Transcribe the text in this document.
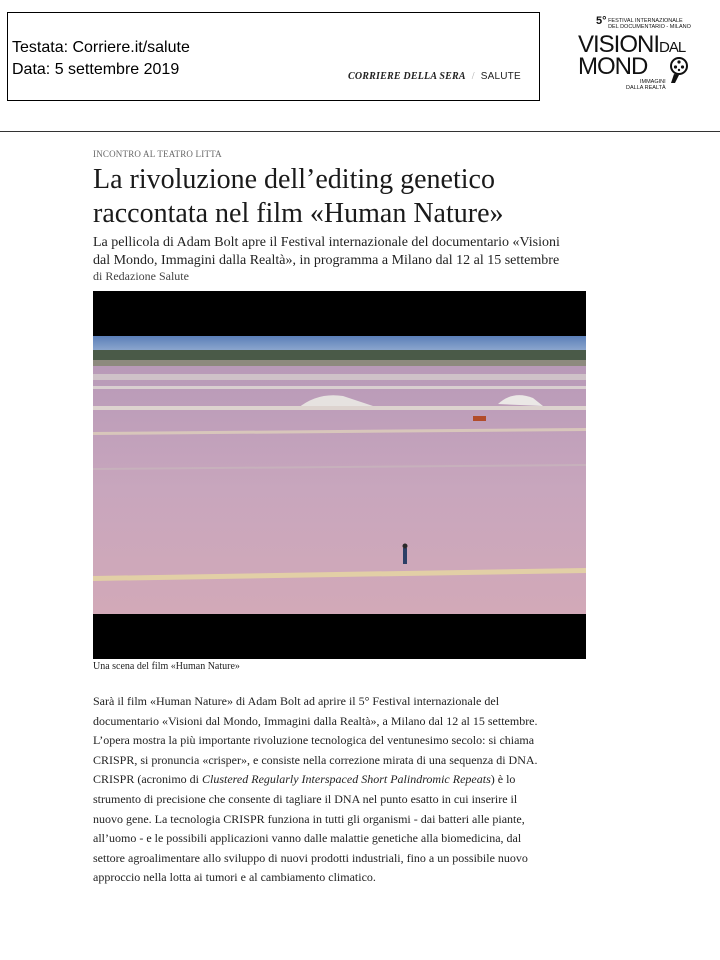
Testata: Corriere.it/salute
Data: 5 settembre 2019	CORRIERE DELLA SERA / SALUTE
5° FESTIVAL INTERNAZIONALE
DEL DOCUMENTARIO - MILANO
VISIONIDAL
MOND
IMMAGINI
DALLA REALTÀ
INCONTRO AL TEATRO LITTA
La rivoluzione dell’editing genetico
raccontata nel film «Human Nature»

La pellicola di Adam Bolt apre il Festival internazionale del documentario «Visioni
dal Mondo, Immagini dalla Realtà», in programma a Milano dal 12 al 15 settembre

di Redazione Salute
Una scena del film «Human Nature»
Sarà il film «Human Nature» di Adam Bolt ad aprire il 5° Festival internazionale del
documentario «Visioni dal Mondo, Immagini dalla Realtà», a Milano dal 12 al 15 settembre.
L’opera mostra la più importante rivoluzione tecnologica del ventunesimo secolo: si chiama
CRISPR, si pronuncia «crisper», e consiste nella correzione mirata di una sequenza di DNA.
CRISPR (acronimo di Clustered Regularly Interspaced Short Palindromic Repeats) è lo
strumento di precisione che consente di tagliare il DNA nel punto esatto in cui inserire il
nuovo gene. La tecnologia CRISPR funziona in tutti gli organismi - dai batteri alle piante,
all’uomo - e le possibili applicazioni vanno dalle malattie genetiche alla biomedicina, dal
settore agroalimentare allo sviluppo di nuovi prodotti industriali, fino a un possibile nuovo
approccio nella lotta ai tumori e al cambiamento climatico.
